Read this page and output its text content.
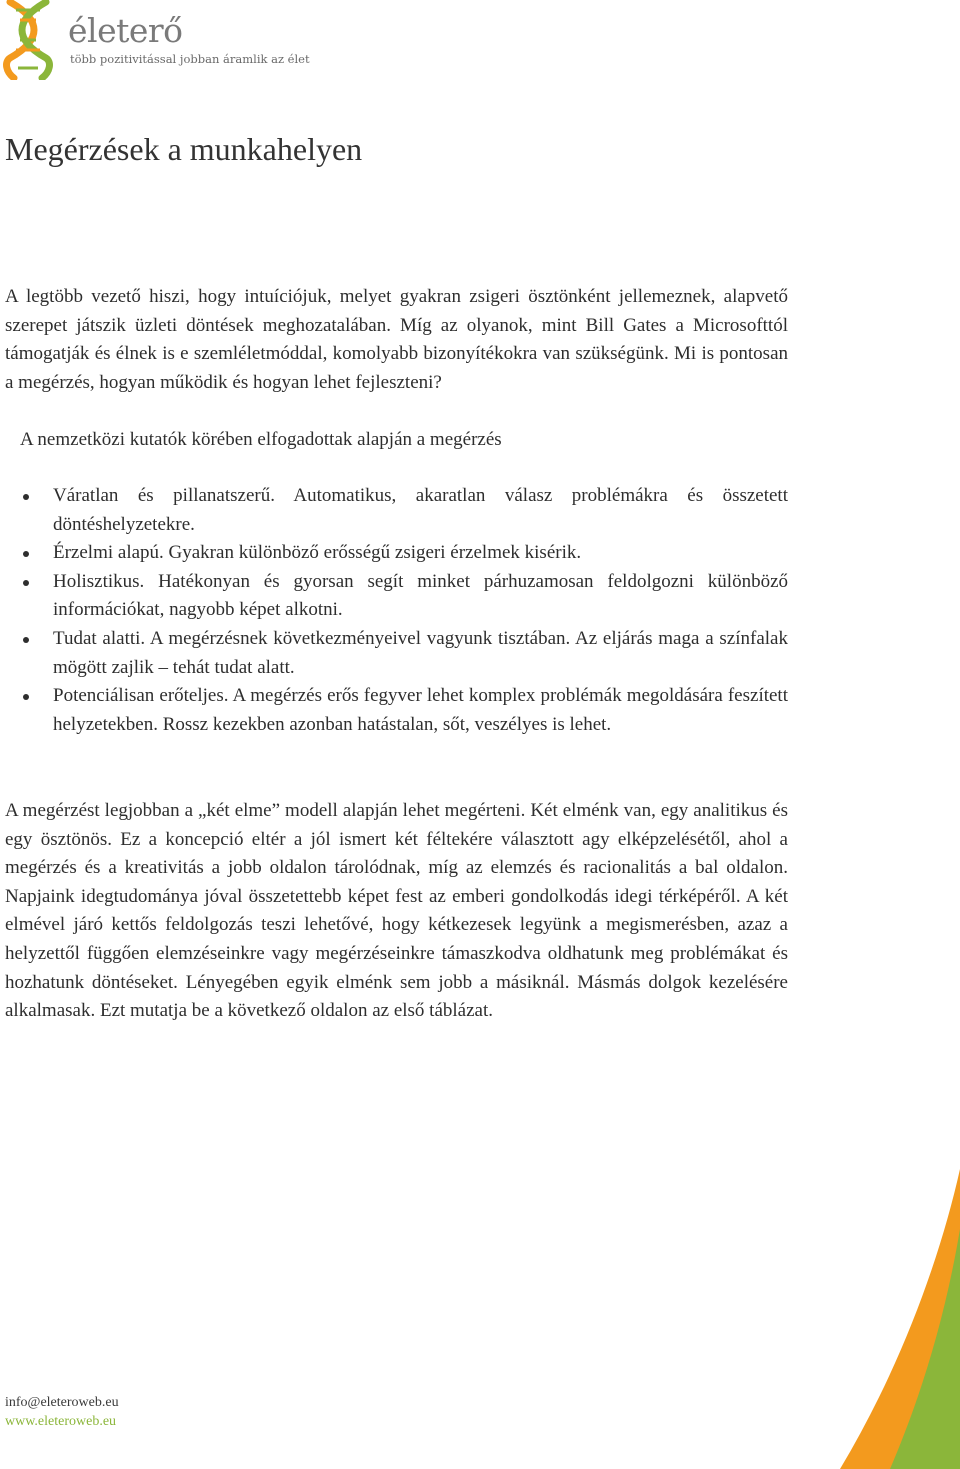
életerő
több pozitivitással jobban áramlik az élet
Megérzések a munkahelyen

A legtöbb vezető hiszi, hogy intuíciójuk, melyet gyakran zsigeri ösztönként jellemeznek, alapvető szerepet játszik üzleti döntések meghozatalában. Míg az olyanok, mint Bill Gates a Microsofttól támogatják és élnek is e szemléletmóddal, komolyabb bizonyítékokra van szükségünk. Mi is pontosan a megérzés, hogyan működik és hogyan lehet fejleszteni?

A nemzetközi kutatók körében elfogadottak alapján a megérzés

Váratlan és pillanatszerű. Automatikus, akaratlan válasz problémákra és összetett döntéshelyzetekre.
Érzelmi alapú. Gyakran különböző erősségű zsigeri érzelmek kisérik.
Holisztikus. Hatékonyan és gyorsan segít minket párhuzamosan feldolgozni különböző információkat, nagyobb képet alkotni.
Tudat alatti. A megérzésnek következményeivel vagyunk tisztában. Az eljárás maga a színfalak mögött zajlik – tehát tudat alatt.
Potenciálisan erőteljes. A megérzés erős fegyver lehet komplex problémák megoldására feszített helyzetekben. Rossz kezekben azonban hatástalan, sőt, veszélyes is lehet.

A megérzést legjobban a „két elme” modell alapján lehet megérteni. Két elménk van, egy analitikus és egy ösztönös. Ez a koncepció eltér a jól ismert két féltekére választott agy elképzelésétől, ahol a megérzés és a kreativitás a jobb oldalon tárolódnak, míg az elemzés és racionalitás a bal oldalon. Napjaink idegtudománya jóval összetettebb képet fest az emberi gondolkodás idegi térképéről. A két elmével járó kettős feldolgozás teszi lehetővé, hogy kétkezesek legyünk a megismerésben, azaz a helyzettől függően elemzéseinkre vagy megérzéseinkre támaszkodva oldhatunk meg problémákat és hozhatunk döntéseket. Lényegében egyik elménk sem jobb a másiknál. Másmás dolgok kezelésére alkalmasak. Ezt mutatja be a következő oldalon az első táblázat.

info@eleteroweb.eu
www.eleteroweb.eu
